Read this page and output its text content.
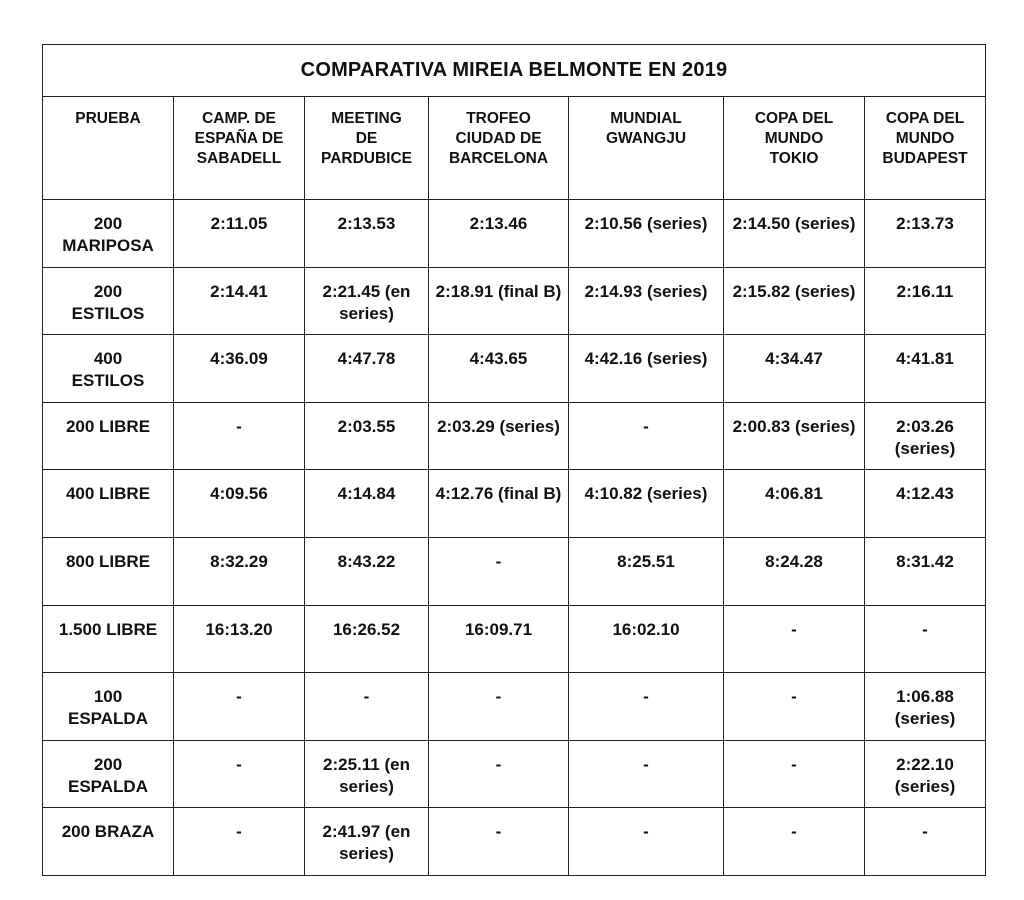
COMPARATIVA MIREIA BELMONTE EN 2019						

PRUEBA	CAMP. DE ESPAÑA DE SABADELL	MEETING DE PARDUBICE	TROFEO CIUDAD DE BARCELONA	MUNDIAL GWANGJU	COPA DEL MUNDO TOKIO	COPA DEL MUNDO BUDAPEST

200 MARIPOSA	2:11.05	2:13.53	2:13.46	2:10.56 (series)	2:14.50 (series)	2:13.73

200 ESTILOS	2:14.41	2:21.45 (en series)	2:18.91 (final B)	2:14.93 (series)	2:15.82 (series)	2:16.11

400 ESTILOS	4:36.09	4:47.78	4:43.65	4:42.16 (series)	4:34.47	4:41.81

200 LIBRE	-	2:03.55	2:03.29 (series)	-	2:00.83 (series)	2:03.26 (series)

400 LIBRE	4:09.56	4:14.84	4:12.76 (final B)	4:10.82 (series)	4:06.81	4:12.43

800 LIBRE	8:32.29	8:43.22	-	8:25.51	8:24.28	8:31.42

1.500 LIBRE	16:13.20	16:26.52	16:09.71	16:02.10	-	-

100 ESPALDA	-	-	-	-	-	1:06.88 (series)

200 ESPALDA	-	2:25.11 (en series)	-	-	-	2:22.10 (series)

200 BRAZA	-	2:41.97 (en series)	-	-	-	-
